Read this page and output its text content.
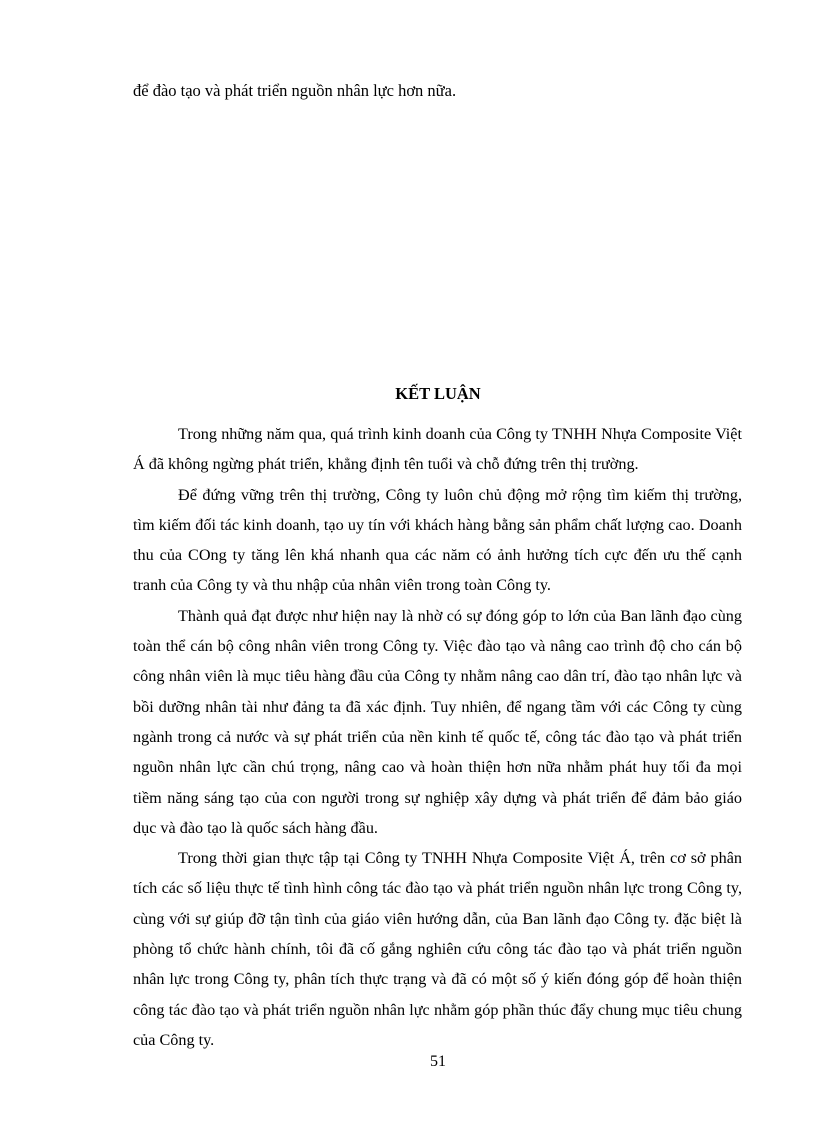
để đào tạo và phát triển nguồn nhân lực hơn nữa.

KẾT LUẬN

Trong những năm qua, quá trình kinh doanh của Công ty TNHH Nhựa Composite Việt Á đã không ngừng phát triển, khẳng định tên tuổi và chỗ đứng trên thị trường.

Để đứng vững trên thị trường, Công ty luôn chủ động mở rộng tìm kiếm thị trường, tìm kiếm đối tác kinh doanh, tạo uy tín với khách hàng bằng sản phẩm chất lượng cao. Doanh thu của COng ty tăng lên khá nhanh qua các năm có ảnh hưởng tích cực đến ưu thế cạnh tranh của Công ty và thu nhập của nhân viên trong toàn Công ty.

Thành quả đạt được như hiện nay là nhờ có sự đóng góp to lớn của Ban lãnh đạo cùng toàn thể cán bộ công nhân viên trong Công ty. Việc đào tạo và nâng cao trình độ cho cán bộ công nhân viên là mục tiêu hàng đầu của Công ty nhằm nâng cao dân trí, đào tạo nhân lực và bồi dưỡng nhân tài như đảng ta đã xác định. Tuy nhiên, để ngang tầm với các Công ty cùng ngành trong cả nước và sự phát triển của nền kinh tế quốc tế, công tác đào tạo và phát triển nguồn nhân lực cần chú trọng, nâng cao và hoàn thiện hơn nữa nhằm phát huy tối đa mọi tiềm năng sáng tạo của con người trong sự nghiệp xây dựng và phát triển để đảm bảo giáo dục và đào tạo là quốc sách hàng đầu.

Trong thời gian thực tập tại Công ty TNHH Nhựa Composite Việt Á, trên cơ sở phân tích các số liệu thực tế tình hình công tác đào tạo và phát triển nguồn nhân lực trong Công ty, cùng với sự giúp đỡ tận tình của giáo viên hướng dẫn, của Ban lãnh đạo Công ty. đặc biệt là phòng tổ chức hành chính, tôi đã cố gắng nghiên cứu công tác đào tạo và phát triển nguồn nhân lực trong Công ty, phân tích thực trạng và đã có một số ý kiến đóng góp để hoàn thiện công tác đào tạo và phát triển nguồn nhân lực nhằm góp phần thúc đẩy chung mục tiêu chung của Công ty.

51
